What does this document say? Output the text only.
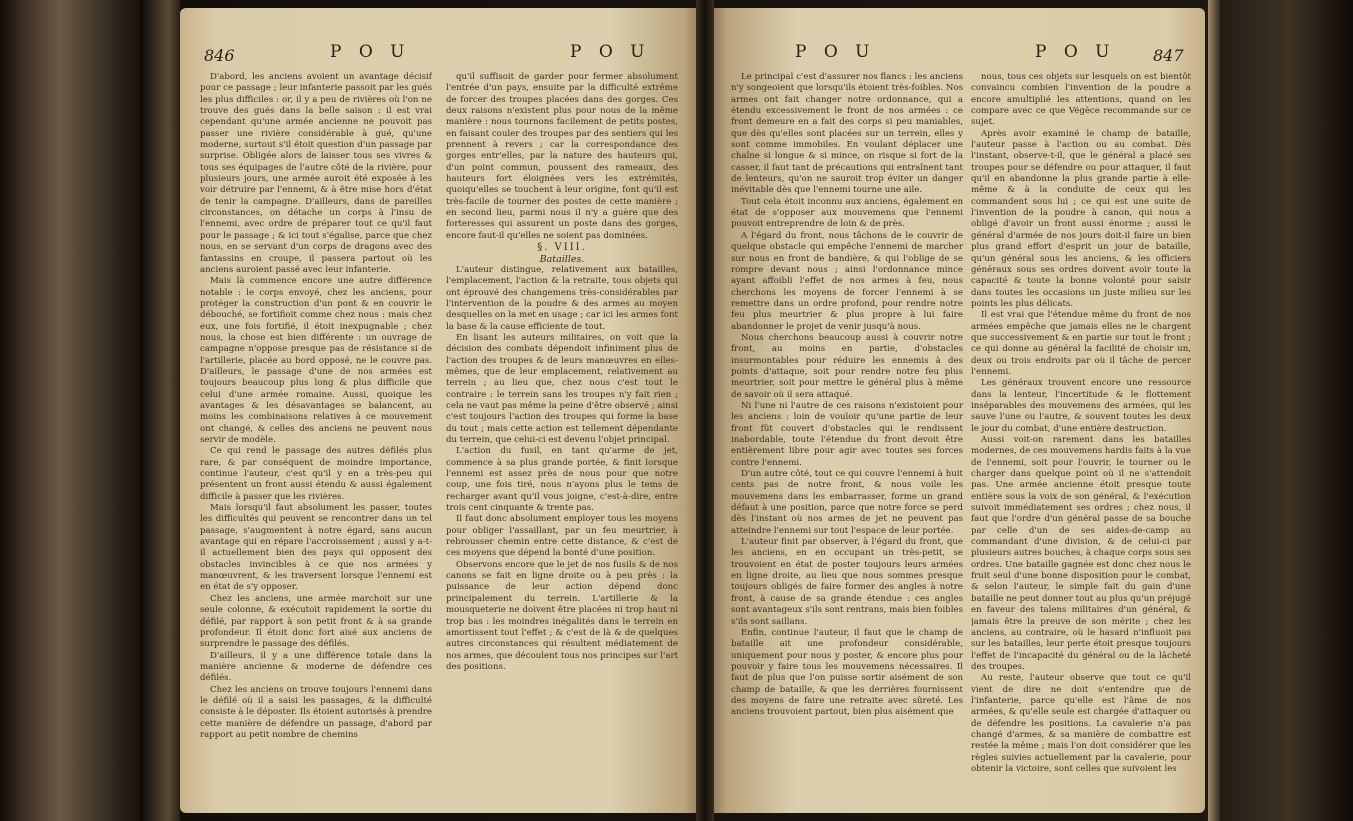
846	P O U	P O U

D'abord, les anciens avoient un avantage décisif pour ce passage ; leur infanterie passoit par les gués les plus difficiles : or, il y a peu de rivières où l'on ne trouve des gués dans la belle saison : il est vrai cependant qu'une armée ancienne ne pouvoit pas passer une rivière considérable à gué, qu'une moderne, surtout s'il étoit question d'un passage par surprise. Obligée alors de laisser tous ses vivres & tous ses équipages de l'autre côté de la rivière, pour plusieurs jours, une armée auroit été exposée à les voir détruire par l'ennemi, & à être mise hors d'état de tenir la campagne. D'ailleurs, dans de pareilles circonstances, on détache un corps à l'insu de l'ennemi, avec ordre de préparer tout ce qu'il faut pour le passage ; & ici tout s'égalise, parce que chez nous, en se servant d'un corps de dragons avec des fantassins en croupe, il passera partout où les anciens auroient passé avec leur infanterie.

Mais là commence encore une autre différence notable : le corps envoyé, chez les anciens, pour protéger la construction d'un pont & en couvrir le débouché, se fortifioit comme chez nous : mais chez eux, une fois fortifié, il étoit inexpugnable ; chez nous, la chose est bien différente : un ouvrage de campagne n'oppose presque pas de résistance si de l'artillerie, placée au bord opposé, ne le couvre pas. D'ailleurs, le passage d'une de nos armées est toujours beaucoup plus long & plus difficile que celui d'une armée romaine. Aussi, quoique les avantages & les désavantages se balancent, au moins les combinaisons relatives à ce mouvement ont changé, & celles des anciens ne peuvent nous servir de modèle.

Ce qui rend le passage des autres défilés plus rare, & par conséquent de moindre importance, continue l'auteur, c'est qu'il y en a très-peu qui présentent un front aussi étendu & aussi également difficile à passer que les rivières.

Mais lorsqu'il faut absolument les passer, toutes les difficultés qui peuvent se rencontrer dans un tel passage, s'augmentent à notre égard, sans aucun avantage qui en répare l'accroissement ; aussi y a-t-il actuellement bien des pays qui opposent des obstacles invincibles à ce que nos armées y manœuvrent, & les traversent lorsque l'ennemi est en état de s'y opposer.

Chez les anciens, une armée marchoit sur une seule colonne, & exécutoit rapidement la sortie du défilé, par rapport à son petit front & à sa grande profondeur. Il étoit donc fort aisé aux anciens de surprendre le passage des défilés.

D'ailleurs, il y a une différence totale dans la manière ancienne & moderne de défendre ces défilés.

Chez les anciens on trouve toujours l'ennemi dans le défilé où il a saisi les passages, & la difficulté consiste à le déposter. Ils étoient autorisés à prendre cette manière de défendre un passage, d'abord par rapport au petit nombre de chemins

qu'il suffisoit de garder pour fermer absolument l'entrée d'un pays, ensuite par la difficulté extrême de forcer des troupes placées dans des gorges. Ces deux raisons n'existent plus pour nous de la même manière : nous tournons facilement de petits postes, en faisant couler des troupes par des sentiers qui les prennent à revers ; car la correspondance des gorges entr'elles, par la nature des hauteurs qui, d'un point commun, poussent des rameaux, des hauteurs fort éloignées vers les extrémités, quoiqu'elles se touchent à leur origine, font qu'il est très-facile de tourner des postes de cette manière ; en second lieu, parmi nous il n'y a guère que des forteresses qui assurent un poste dans des gorges, encore faut-il qu'elles ne soient pas dominées.

§. VIII.

Batailles.

L'auteur distingue, relativement aux batailles, l'emplacement, l'action & la retraite, tous objets qui ont éprouvé des changemens très-considérables par l'intervention de la poudre & des armes au moyen desquelles on la met en usage ; car ici les armes font la base & la cause efficiente de tout.

En lisant les auteurs militaires, on voit que la décision des combats dépendoit infiniment plus de l'action des troupes & de leurs manœuvres en elles-mêmes, que de leur emplacement, relativement au terrein ; au lieu que, chez nous c'est tout le contraire : le terrein sans les troupes n'y fait rien ; cela ne vaut pas même la peine d'être observé ; ainsi c'est toujours l'action des troupes qui forme la base du tout ; mais cette action est tellement dépendante du terrein, que celui-ci est devenu l'objet principal.

L'action du fusil, en tant qu'arme de jet, commence à sa plus grande portée, & finit lorsque l'ennemi est assez près de nous pour que notre coup, une fois tiré, nous n'ayons plus le tems de recharger avant qu'il vous joigne, c'est-à-dire, entre trois cent cinquante & trente pas.

Il faut donc absolument employer tous les moyens pour obliger l'assaillant, par un feu meurtrier, à rebrousser chemin entre cette distance, & c'est de ces moyens que dépend la bonté d'une position.

Observons encore que le jet de nos fusils & de nos canons se fait en ligne droite ou à peu près : la puissance de leur action dépend donc principalement du terrein. L'artillerie & la mousqueterie ne doivent être placées ni trop haut ni trop bas : les moindres inégalités dans le terrein en amortissent tout l'effet ; & c'est de là & de quelques autres circonstances qui résultent médiatement de nos armes, que découlent tous nos principes sur l'art des positions.

P O U	P O U 847

Le principal c'est d'assurer nos flancs : les anciens n'y songeoient que lorsqu'ils étoient très-foibles. Nos armes ont fait changer notre ordonnance, qui a étendu excessivement le front de nos armées : ce front demeure en a fait des corps si peu maniables, que dès qu'elles sont placées sur un terrein, elles y sont comme immobiles. En voulant déplacer une chaîne si longue & si mince, on risque si fort de la casser, il faut tant de précautions qui entraînent tant de lenteurs, qu'on ne sauroit trop éviter un danger inévitable dès que l'ennemi tourne une aile.

Tout cela étoit inconnu aux anciens, également en état de s'opposer aux mouvemens que l'ennemi pouvoit entreprendre de loin & de près.

A l'égard du front, nous tâchons de le couvrir de quelque obstacle qui empêche l'ennemi de marcher sur nous en front de bandière, & qui l'oblige de se rompre devant nous ; ainsi l'ordonnance mince ayant affoibli l'effet de nos armes à feu, nous cherchons les moyens de forcer l'ennemi à se remettre dans un ordre profond, pour rendre notre feu plus meurtrier & plus propre à lui faire abandonner le projet de venir jusqu'à nous.

Nous cherchons beaucoup aussi à couvrir notre front, au moins en partie, d'obstacles insurmontables pour réduire les ennemis à des points d'attaque, soit pour rendre notre feu plus meurtrier, soit pour mettre le général plus à même de savoir où il sera attaqué.

Ni l'une ni l'autre de ces raisons n'existoient pour les anciens : loin de vouloir qu'une partie de leur front fût couvert d'obstacles qui le rendissent inabordable, toute l'étendue du front devoit être entièrement libre pour agir avec toutes ses forces contre l'ennemi.

D'un autre côté, tout ce qui couvre l'ennemi à huit cents pas de notre front, & nous voile les mouvemens dans les embarrasser, forme un grand défaut à une position, parce que notre force se perd dès l'instant où nos armes de jet ne peuvent pas atteindre l'ennemi sur tout l'espace de leur portée.

L'auteur finit par observer, à l'égard du front, que les anciens, en en occupant un très-petit, se trouvoient en état de poster toujours leurs armées en ligne droite, au lieu que nous sommes presque toujours obligés de faire former des angles à notre front, à cause de sa grande étendue : ces angles sont avantageux s'ils sont rentrans, mais bien foibles s'ils sont saillans.

Enfin, continue l'auteur, il faut que le champ de bataille ait une profondeur considérable, uniquement pour nous y poster, & encore plus pour pouvoir y faire tous les mouvemens nécessaires. Il faut de plus que l'on puisse sortir aisément de son champ de bataille, & que les derrières fournissent des moyens de faire une retraite avec sûreté. Les anciens trouvoient partout, bien plus aisément que

nous, tous ces objets sur lesquels on est bientôt convaincu combien l'invention de la poudre a encore amultiplié les attentions, quand on les compare avec ce que Végèce recommande sur ce sujet.

Après avoir examiné le champ de bataille, l'auteur passe à l'action ou au combat. Dès l'instant, observe-t-il, que le général a placé ses troupes pour se défendre ou pour attaquer, il faut qu'il en abandonne la plus grande partie à elle-même & à la conduite de ceux qui les commandent sous lui ; ce qui est une suite de l'invention de la poudre à canon, qui nous a obligé d'avoir un front aussi énorme ; aussi le général d'armée de nos jours doit-il faire un bien plus grand effort d'esprit un jour de bataille, qu'un général sous les anciens, & les officiers généraux sous ses ordres doivent avoir toute la capacité & toute la bonne volonté pour saisir dans toutes les occasions un juste milieu sur les points les plus délicats.

Il est vrai que l'étendue même du front de nos armées empêche que jamais elles ne le chargent que successivement & en partie sur tout le front ; ce qui donne au général la facilité de choisir un, deux ou trois endroits par où il tâche de percer l'ennemi.

Les généraux trouvent encore une ressource dans la lenteur, l'incertitude & le flottement inséparables des mouvemens des armées, qui les sauve l'une ou l'autre, & souvent toutes les deux le jour du combat, d'une entière destruction.

Aussi voit-on rarement dans les batailles modernes, de ces mouvemens hardis faits à la vue de l'ennemi, soit pour l'ouvrir, le tourner ou le charger dans quelque point où il ne s'attendoit pas. Une armée ancienne étoit presque toute entière sous la voix de son général, & l'exécution suivoit immédiatement ses ordres ; chez nous, il faut que l'ordre d'un général passe de sa bouche par celle d'un de ses aides-de-camp au commandant d'une division, & de celui-ci par plusieurs autres bouches, à chaque corps sous ses ordres. Une bataille gagnée est donc chez nous le fruit seul d'une bonne disposition pour le combat, & selon l'auteur, le simple fait du gain d'une bataille ne peut donner tout au plus qu'un préjugé en faveur des talens militaires d'un général, & jamais être la preuve de son mérite ; chez les anciens, au contraire, où le hasard n'influoit pas sur les batailles, leur perte étoit presque toujours l'effet de l'incapacité du général ou de la lâcheté des troupes.

Au reste, l'auteur observe que tout ce qu'il vient de dire ne doit s'entendre que de l'infanterie, parce qu'elle est l'âme de nos armées, & qu'elle seule est chargée d'attaquer ou de défendre les positions. La cavalerie n'a pas changé d'armes, & sa manière de combattre est restée la même ; mais l'on doit considérer que les règles suivies actuellement par la cavalerie, pour obtenir la victoire, sont celles que suivoient les
